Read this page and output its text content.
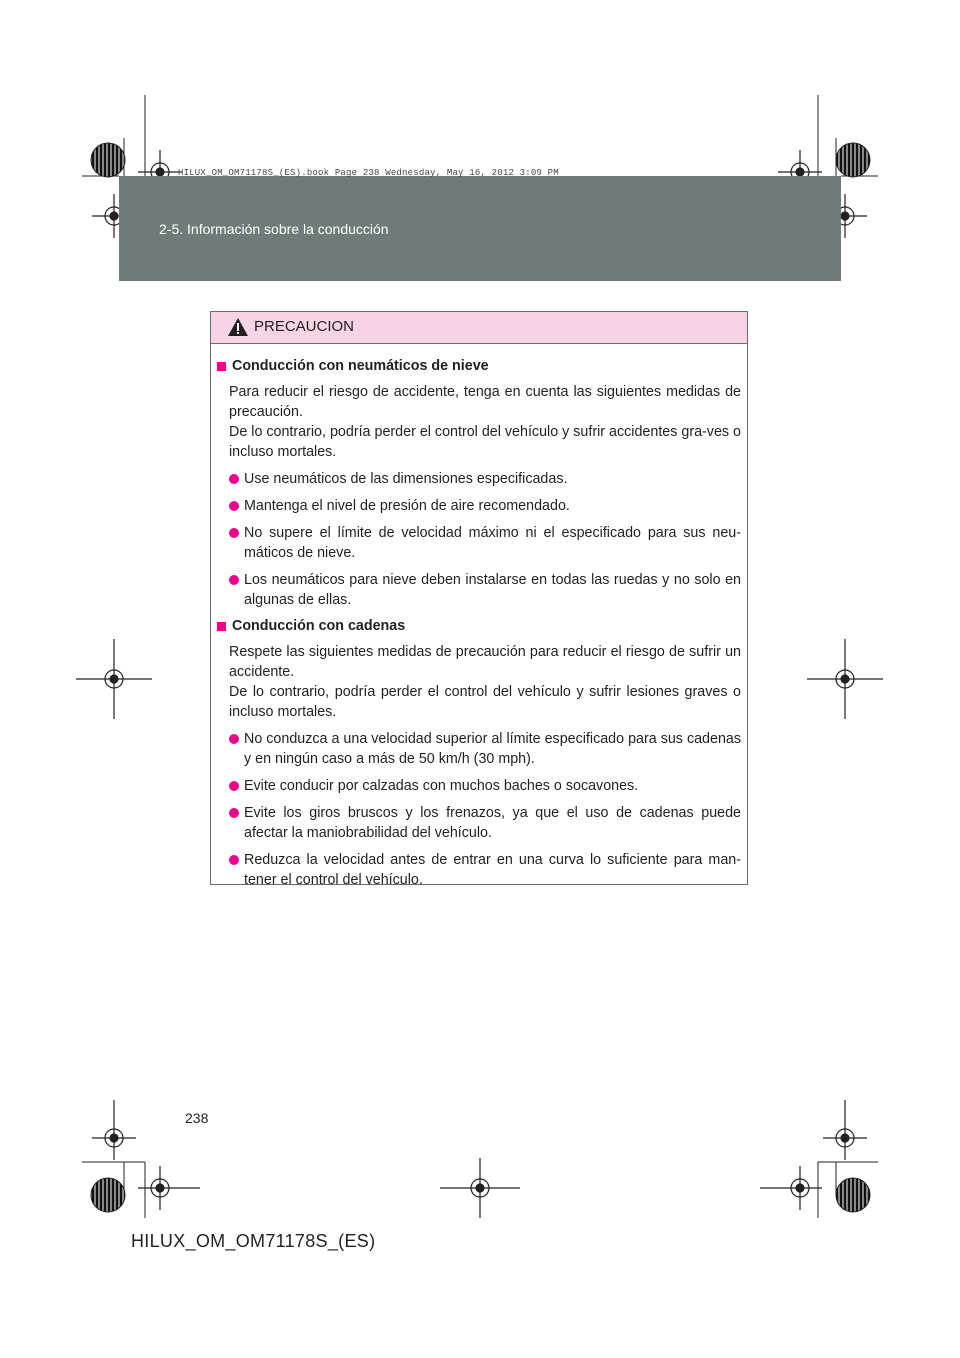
2-5. Información sobre la conducción
HILUX_OM_OM71178S_(ES).book Page 238 Wednesday, May 16, 2012 3:09 PM
PRECAUCION
Conducción con neumáticos de nieve
Para reducir el riesgo de accidente, tenga en cuenta las siguientes medidas de precaución.
De lo contrario, podría perder el control del vehículo y sufrir accidentes gra-ves o incluso mortales.
Use neumáticos de las dimensiones especificadas.
Mantenga el nivel de presión de aire recomendado.
No supere el límite de velocidad máximo ni el especificado para sus neu-máticos de nieve.
Los neumáticos para nieve deben instalarse en todas las ruedas y no solo en algunas de ellas.
Conducción con cadenas
Respete las siguientes medidas de precaución para reducir el riesgo de sufrir un accidente.
De lo contrario, podría perder el control del vehículo y sufrir lesiones graves o incluso mortales.
No conduzca a una velocidad superior al límite especificado para sus cadenas y en ningún caso a más de 50 km/h (30 mph).
Evite conducir por calzadas con muchos baches o socavones.
Evite los giros bruscos y los frenazos, ya que el uso de cadenas puede afectar la maniobrabilidad del vehículo.
Reduzca la velocidad antes de entrar en una curva lo suficiente para man-tener el control del vehículo.
238
HILUX_OM_OM71178S_(ES)
